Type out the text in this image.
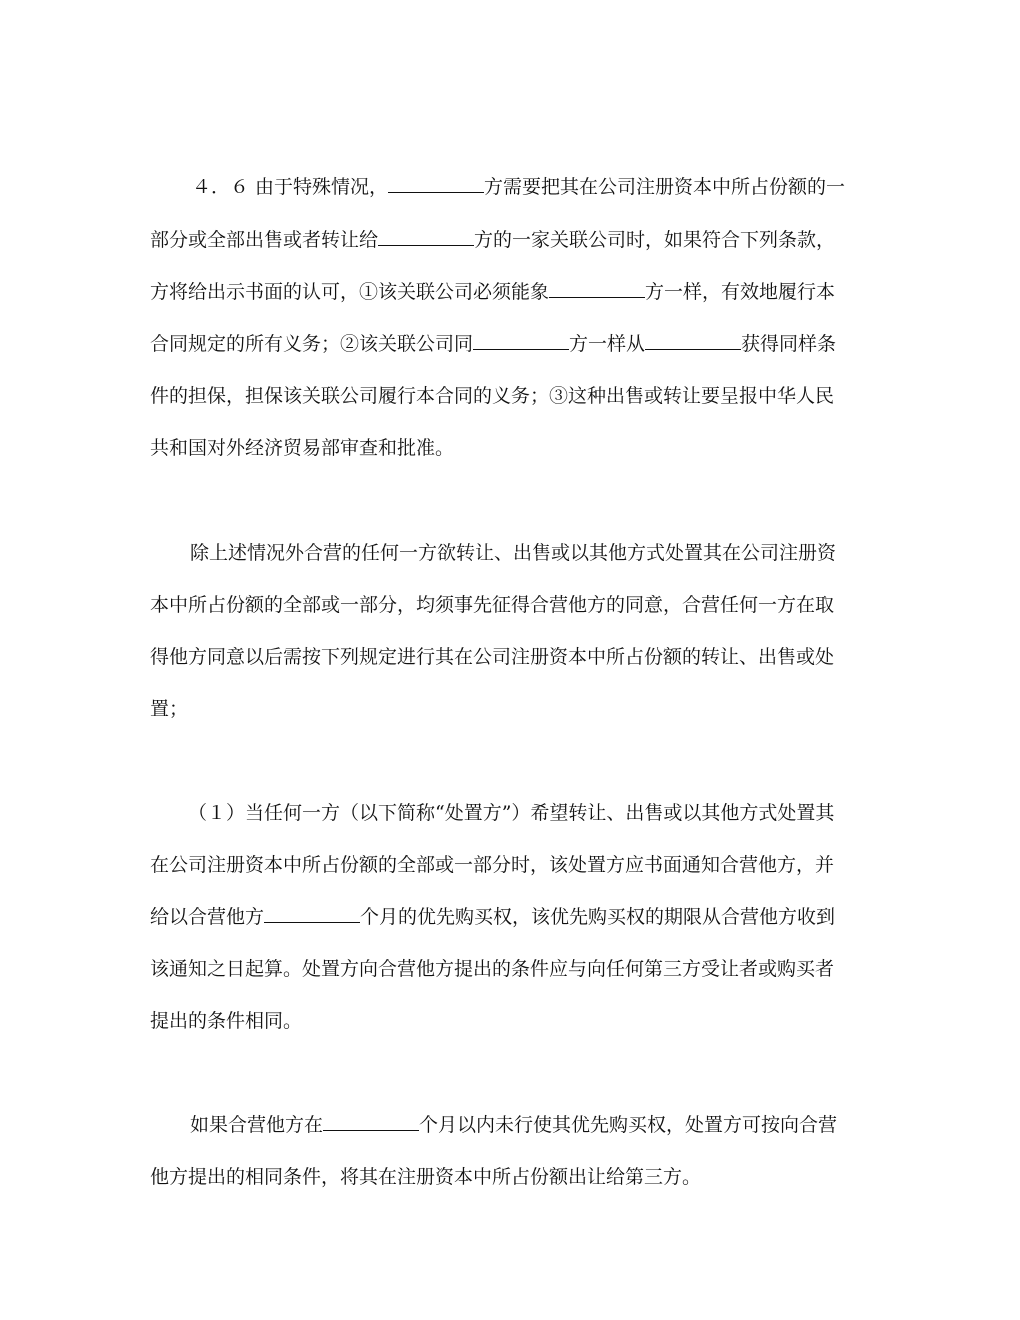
４．６ 由于特殊情况，	方需要把其在公司注册资本中所占份额的一
部分或全部出售或者转让给	方的一家关联公司时，如果符合下列条款，
方将给出示书面的认可，①该关联公司必须能象	方一样，有效地履行本
合同规定的所有义务；②该关联公司同	方一样从	获得同样条
件的担保，担保该关联公司履行本合同的义务；③这种出售或转让要呈报中华人民
共和国对外经济贸易部审查和批准。
除上述情况外合营的任何一方欲转让、出售或以其他方式处置其在公司注册资
本中所占份额的全部或一部分，均须事先征得合营他方的同意，合营任何一方在取
得他方同意以后需按下列规定进行其在公司注册资本中所占份额的转让、出售或处
置；
（１）当任何一方（以下简称“处置方”）希望转让、出售或以其他方式处置其
在公司注册资本中所占份额的全部或一部分时，该处置方应书面通知合营他方，并
给以合营他方	个月的优先购买权，该优先购买权的期限从合营他方收到
该通知之日起算。处置方向合营他方提出的条件应与向任何第三方受让者或购买者
提出的条件相同。
如果合营他方在	个月以内未行使其优先购买权，处置方可按向合营
他方提出的相同条件，将其在注册资本中所占份额出让给第三方。
